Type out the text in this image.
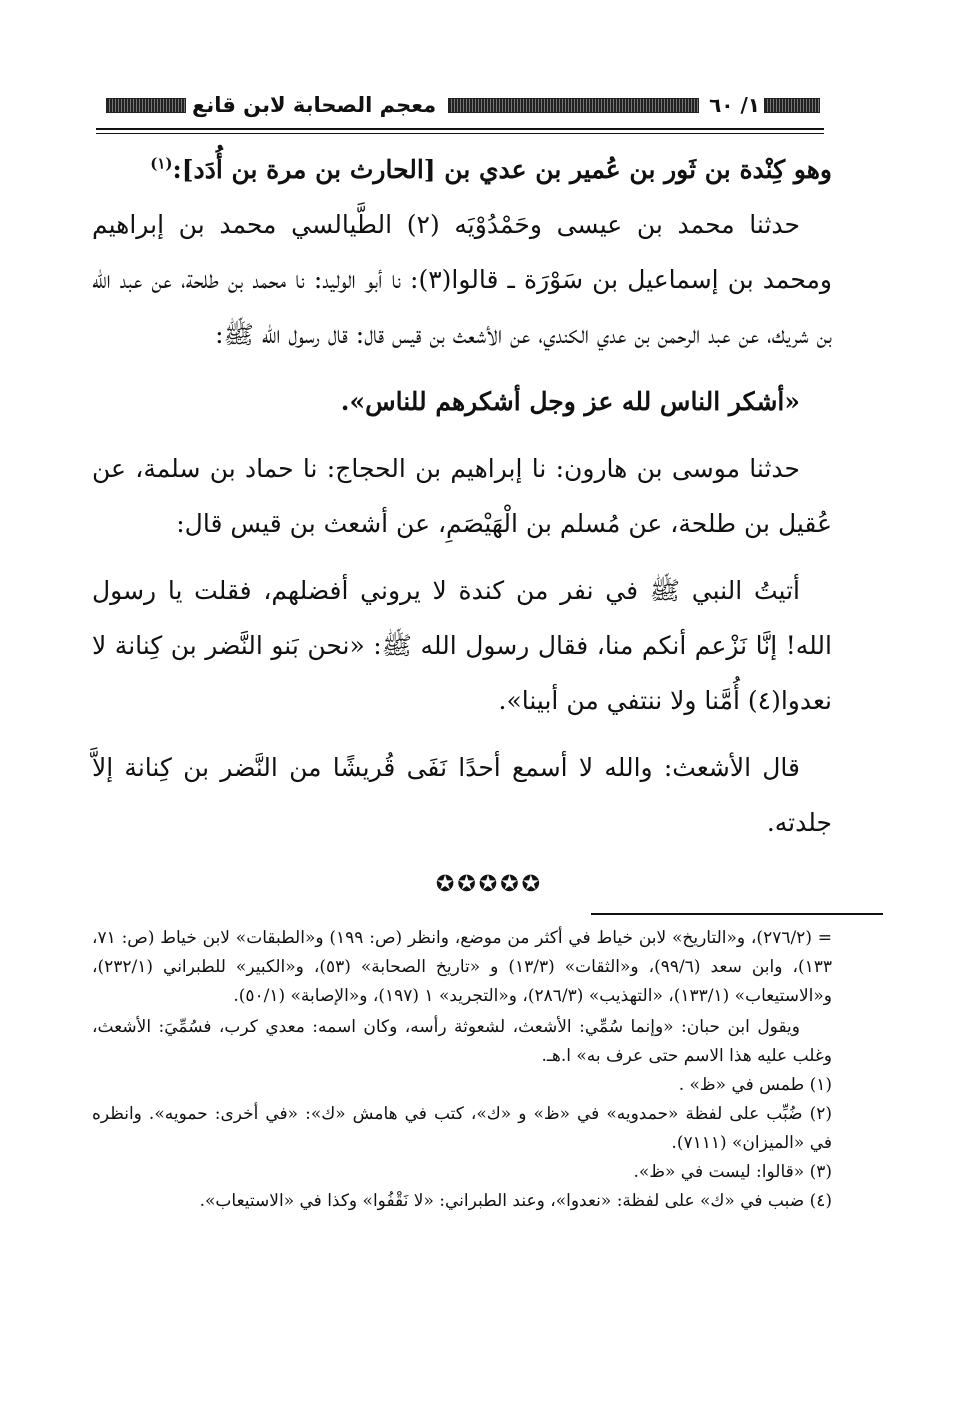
١/ ٦٠
معجم الصحابة لابن قانع

وهو كِنْدة بن ثَور بن عُمير بن عدي بن [الحارث بن مرة بن أُدَد]:$^{(١)}$

حدثنا محمد بن عيسى وحَمْدُوْيَه (٢) الطَّيالسي محمد بن إبراهيم ومحمد بن إسماعيل بن سَوْرَة ـ قالوا(٣): نا أبو الوليد: نا محمد بن طلحة، عن عبد الله بن شريك، عن عبد الرحمن بن عدي الكندي، عن الأشعث بن قيس قال: قال رسول الله ﷺ:

«أشكر الناس لله عز وجل أشكرهم للناس».

حدثنا موسى بن هارون: نا إبراهيم بن الحجاج: نا حماد بن سلمة، عن عُقيل بن طلحة، عن مُسلم بن الْهَيْصَمِ، عن أشعث بن قيس قال:

أتيتُ النبي ﷺ في نفر من كندة لا يروني أفضلهم، فقلت يا رسول الله! إنَّا نَزْعم أنكم منا، فقال رسول الله ﷺ: «نحن بَنو النَّضر بن كِنانة لا نعدوا(٤) أُمَّنا ولا ننتفي من أبينا».

قال الأشعث: والله لا أسمع أحدًا نَفَى قُريشًا من النَّضر بن كِنانة إلاَّ جلدته.

✪✪✪✪✪

= (٢٧٦/٢)، و«التاريخ» لابن خياط في أكثر من موضع، وانظر (ص: ١٩٩) و«الطبقات» لابن خياط (ص: ٧١، ١٣٣)، وابن سعد (٩٩/٦)، و«الثقات» (١٣/٣) و «تاريخ الصحابة» (٥٣)، و«الكبير» للطبراني (٢٣٢/١)، و«الاستيعاب» (١٣٣/١)، «التهذيب» (٢٨٦/٣)، و«التجريد» ١ (١٩٧)، و«الإصابة» (٥٠/١).

ويقول ابن حبان: «وإنما سُمِّي: الأشعث، لشعوثة رأسه، وكان اسمه: معدي كرب، فسُمِّيَ: الأشعث، وغلب عليه هذا الاسم حتى عرف به» ا.هـ.

(١) طمس في «ظ» .

(٢) ضُبِّب على لفظة «حمدويه» في «ظ» و «ك»، كتب في هامش «ك»: «في أخرى: حمويه». وانظره في «الميزان» (٧١١١).

(٣) «قالوا: ليست في «ظ».

(٤) ضبب في «ك» على لفظة: «نعدوا»، وعند الطبراني: «لا نَقْفُوا» وكذا في «الاستيعاب».
